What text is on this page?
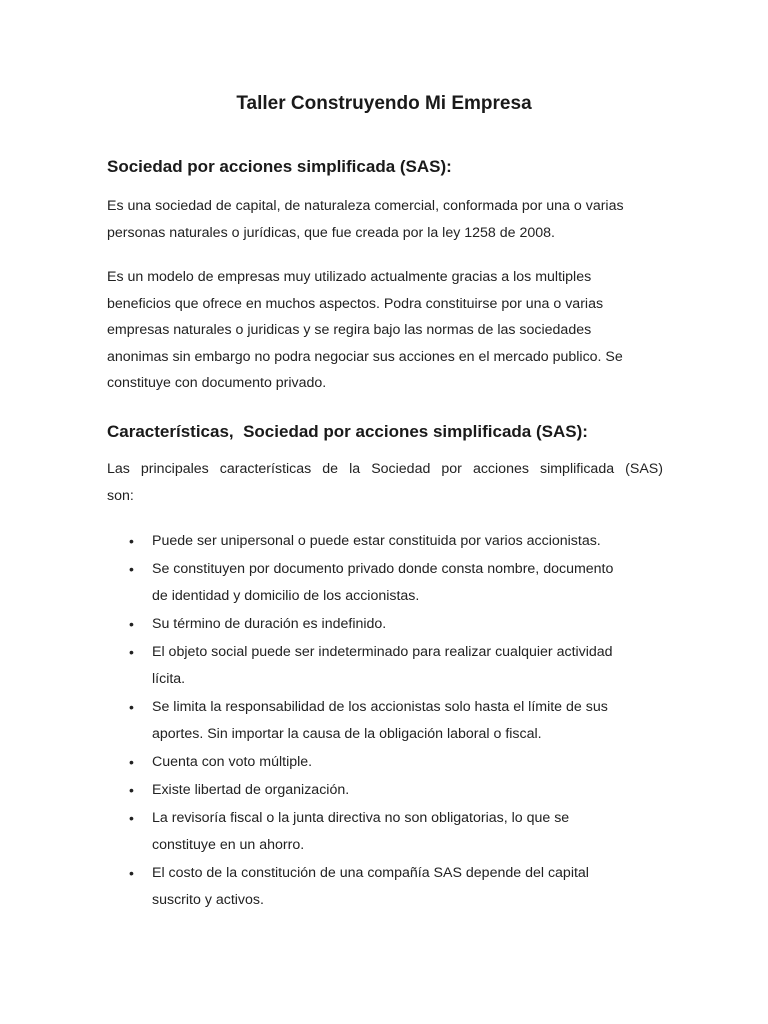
Taller Construyendo Mi Empresa
Sociedad por acciones simplificada (SAS):

Es una sociedad de capital, de naturaleza comercial, conformada por una o varias
personas naturales o jurídicas, que fue creada por la ley 1258 de 2008.

Es un modelo de empresas muy utilizado actualmente gracias a los multiples
beneficios que ofrece en muchos aspectos. Podra constituirse por una o varias
empresas naturales o juridicas y se regira bajo las normas de las sociedades
anonimas sin embargo no podra negociar sus acciones en el mercado publico. Se
constituye con documento privado.

Características,  Sociedad por acciones simplificada (SAS):

Las principales características de la Sociedad por acciones simplificada (SAS)
son:

• Puede ser unipersonal o puede estar constituida por varios accionistas.
• Se constituyen por documento privado donde consta nombre, documento
de identidad y domicilio de los accionistas.
• Su término de duración es indefinido.
• El objeto social puede ser indeterminado para realizar cualquier actividad
lícita.
• Se limita la responsabilidad de los accionistas solo hasta el límite de sus
aportes. Sin importar la causa de la obligación laboral o fiscal.
• Cuenta con voto múltiple.
• Existe libertad de organización.
• La revisoría fiscal o la junta directiva no son obligatorias, lo que se
constituye en un ahorro.
• El costo de la constitución de una compañía SAS depende del capital
suscrito y activos.
